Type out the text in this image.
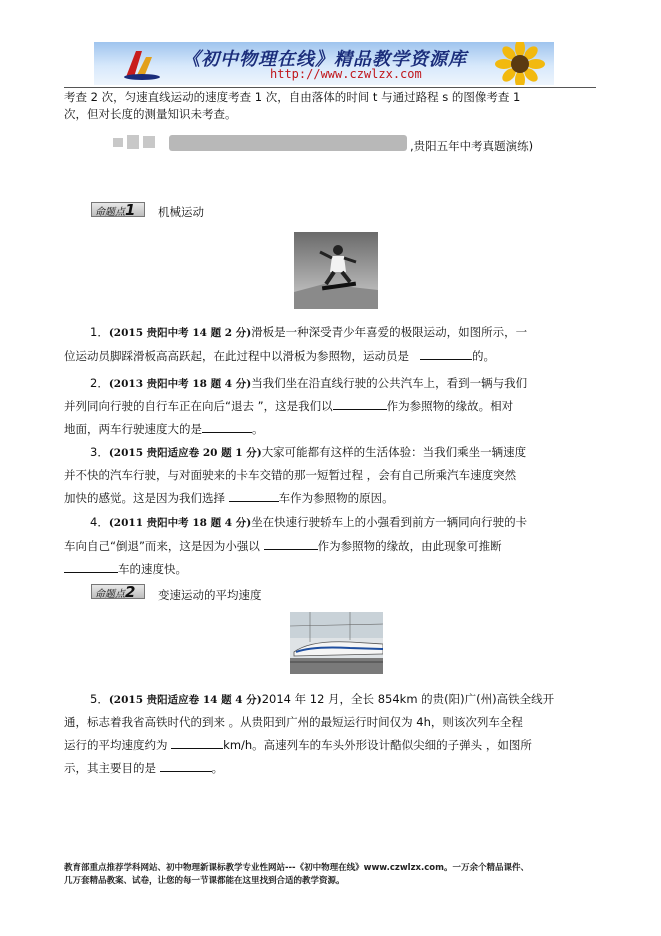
《初中物理在线》精品教学资源库
http://www.czwlzx.com
考查 2 次，匀速直线运动的速度考查 1 次，自由落体的时间 t 与通过路程 s 的图像考查 1
次，但对长度的测量知识未考查。
,贵阳五年中考真题演练)
命题点1	机械运动
1．(2015 贵阳中考 14 题 2 分)滑板是一种深受青少年喜爱的极限运动，如图所示，一
位运动员脚踩滑板高高跃起，在此过程中以滑板为参照物，运动员是	的。
2．(2013 贵阳中考 18 题 4 分)当我们坐在沿直线行驶的公共汽车上，看到一辆与我们
并列同向行驶的自行车正在向后“退去 ”，这是我们以	作为参照物的缘故。相对
地面，两车行驶速度大的是	。
3．(2015 贵阳适应卷 20 题 1 分)大家可能都有这样的生活体验：当我们乘坐一辆速度
并不快的汽车行驶，与对面驶来的卡车交错的那一短暂过程 ，会有自己所乘汽车速度突然
加快的感觉。这是因为我们选择	车作为参照物的原因。
4．(2011 贵阳中考 18 题 4 分)坐在快速行驶轿车上的小强看到前方一辆同向行驶的卡
车向自己“倒退”而来，这是因为小强以	作为参照物的缘故，由此现象可推断
车的速度快。
命题点2	变速运动的平均速度
5．(2015 贵阳适应卷 14 题 4 分)2014 年 12 月，全长 854km 的贵(阳)广(州)高铁全线开
通，标志着我省高铁时代的到来 。从贵阳到广州的最短运行时间仅为 4h，则该次列车全程
运行的平均速度约为	km/h。高速列车的车头外形设计酷似尖细的子弹头 ，如图所
示，其主要目的是	。
教育部重点推荐学科网站、初中物理新课标教学专业性网站---《初中物理在线》www.czwlzx.com。一万余个精品课件、
几万套精品教案、试卷，让您的每一节课都能在这里找到合适的教学资源。
